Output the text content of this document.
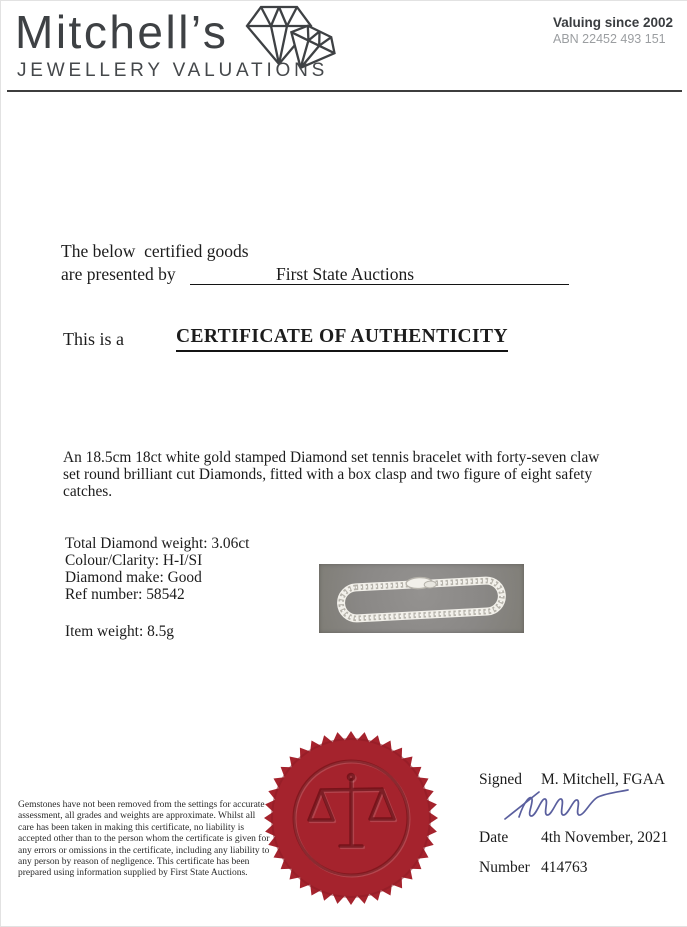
Mitchell’s
JEWELLERY VALUATIONS
Valuing since 2002
ABN 22452 493 151
The below  certified goods
are presented by	First State Auctions
This is a	CERTIFICATE OF AUTHENTICITY
An 18.5cm 18ct white gold stamped Diamond set tennis bracelet with forty-seven claw set round brilliant cut Diamonds, fitted with a box clasp and two figure of eight safety catches.
Total Diamond weight: 3.06ct
Colour/Clarity: H-I/SI
Diamond make: Good
Ref number: 58542
Item weight: 8.5g
Gemstones have not been removed from the settings for accurate assessment, all grades and weights are approximate. Whilst all care has been taken in making this certificate, no liability is accepted other than to the person whom the certificate is given for any errors or omissions in the certificate, including any liability to any person by reason of negligence. This certificate has been prepared using information supplied by First State Auctions.
Signed M. Mitchell, FGAA
Date 4th November, 2021
Number 414763
